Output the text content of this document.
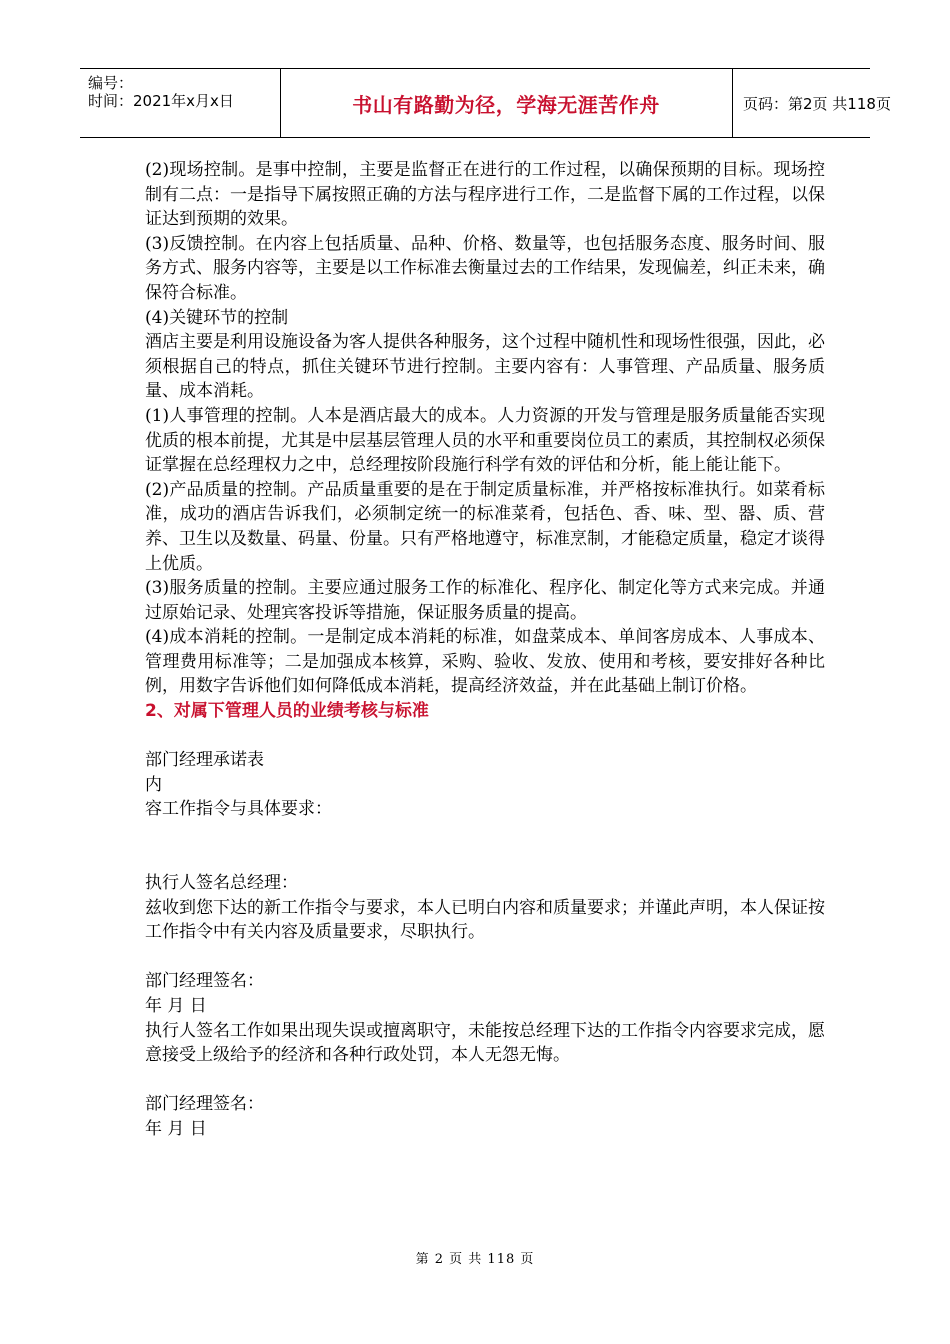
编号：
时间：2021年x月x日	书山有路勤为径，学海无涯苦作舟	页码：第2页 共118页

(2)现场控制。是事中控制，主要是监督正在进行的工作过程，以确保预期的目标。现场控制有二点：一是指导下属按照正确的方法与程序进行工作，二是监督下属的工作过程，以保证达到预期的效果。

(3)反馈控制。在内容上包括质量、品种、价格、数量等，也包括服务态度、服务时间、服务方式、服务内容等，主要是以工作标准去衡量过去的工作结果，发现偏差，纠正未来，确保符合标准。

(4)关键环节的控制

酒店主要是利用设施设备为客人提供各种服务，这个过程中随机性和现场性很强，因此，必须根据自己的特点，抓住关键环节进行控制。主要内容有：人事管理、产品质量、服务质量、成本消耗。

(1)人事管理的控制。人本是酒店最大的成本。人力资源的开发与管理是服务质量能否实现优质的根本前提，尤其是中层基层管理人员的水平和重要岗位员工的素质，其控制权必须保证掌握在总经理权力之中，总经理按阶段施行科学有效的评估和分析，能上能让能下。

(2)产品质量的控制。产品质量重要的是在于制定质量标准，并严格按标准执行。如菜肴标准，成功的酒店告诉我们，必须制定统一的标准菜肴，包括色、香、味、型、器、质、营养、卫生以及数量、码量、份量。只有严格地遵守，标准烹制，才能稳定质量，稳定才谈得上优质。

(3)服务质量的控制。主要应通过服务工作的标准化、程序化、制定化等方式来完成。并通过原始记录、处理宾客投诉等措施，保证服务质量的提高。

(4)成本消耗的控制。一是制定成本消耗的标准，如盘菜成本、单间客房成本、人事成本、管理费用标准等；二是加强成本核算，采购、验收、发放、使用和考核，要安排好各种比例，用数字告诉他们如何降低成本消耗，提高经济效益，并在此基础上制订价格。

2、对属下管理人员的业绩考核与标准

部门经理承诺表

内

容工作指令与具体要求：

执行人签名总经理：

兹收到您下达的新工作指令与要求，本人已明白内容和质量要求；并谨此声明，本人保证按工作指令中有关内容及质量要求，尽职执行。

部门经理签名：

年 月 日

执行人签名工作如果出现失误或擅离职守，未能按总经理下达的工作指令内容要求完成，愿意接受上级给予的经济和各种行政处罚，本人无怨无悔。

部门经理签名：

年 月 日

第 2 页 共 118 页
